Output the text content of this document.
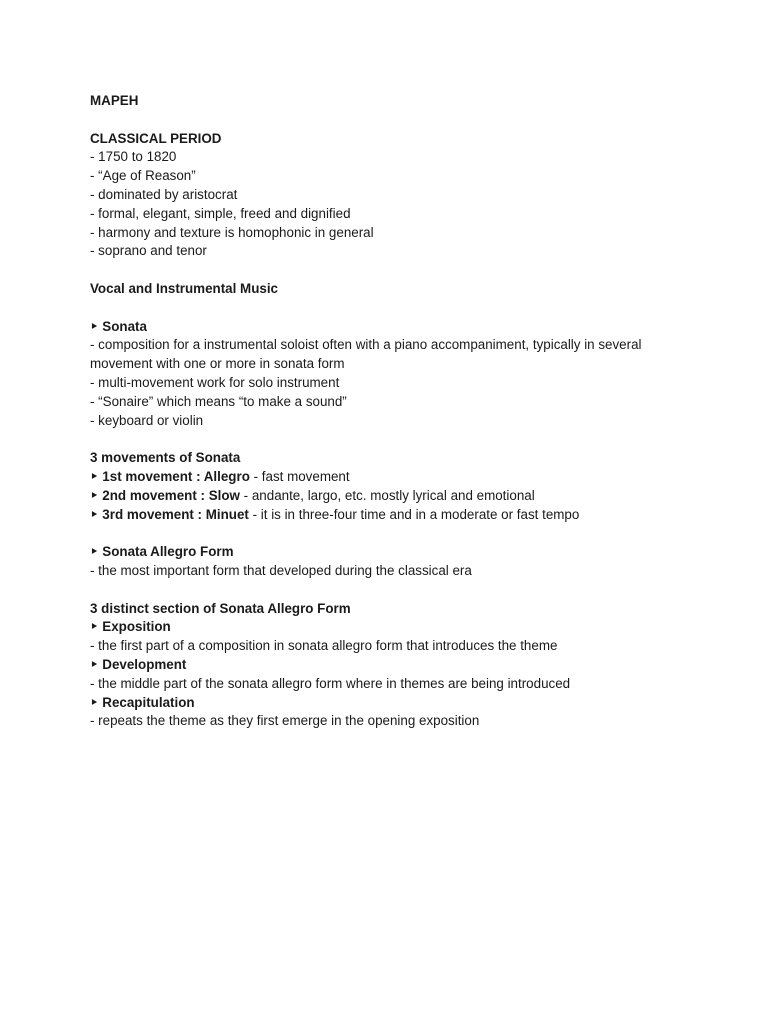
MAPEH
CLASSICAL PERIOD
- 1750 to 1820
- “Age of Reason”
- dominated by aristocrat
- formal, elegant, simple, freed and dignified
- harmony and texture is homophonic in general
- soprano and tenor
Vocal and Instrumental Music
‣ Sonata
- composition for a instrumental soloist often with a piano accompaniment, typically in several movement with one or more in sonata form
- multi-movement work for solo instrument
- “Sonaire” which means “to make a sound”
- keyboard or violin
3 movements of Sonata
‣ 1st movement : Allegro - fast movement
‣ 2nd movement : Slow - andante, largo, etc. mostly lyrical and emotional
‣ 3rd movement : Minuet - it is in three-four time and in a moderate or fast tempo
‣ Sonata Allegro Form
- the most important form that developed during the classical era
3 distinct section of Sonata Allegro Form
‣ Exposition
- the first part of a composition in sonata allegro form that introduces the theme
‣ Development
- the middle part of the sonata allegro form where in themes are being introduced
‣ Recapitulation
- repeats the theme as they first emerge in the opening exposition
